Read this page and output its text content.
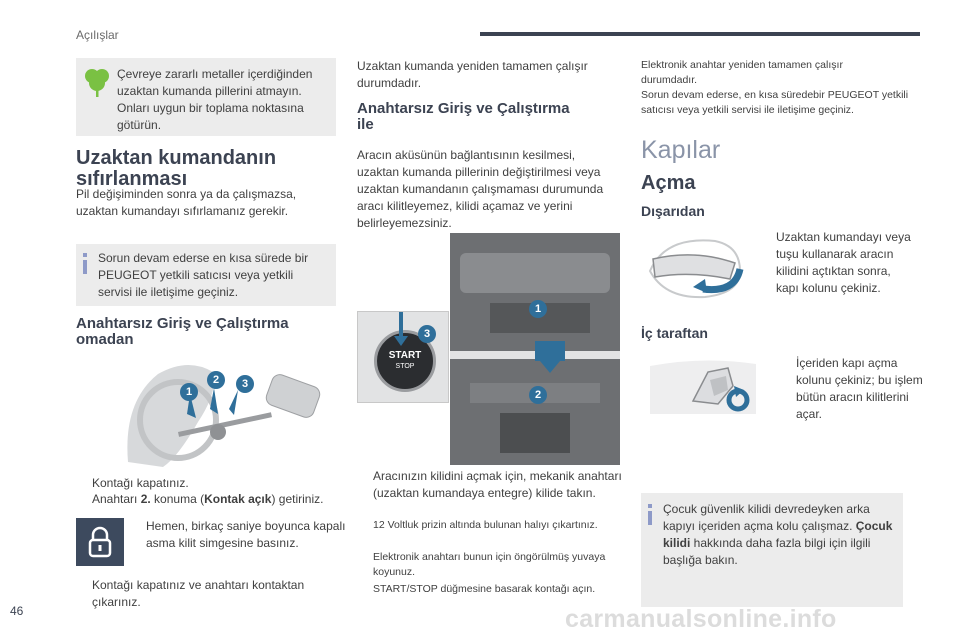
Açılışlar
Çevreye zararlı metaller içerdiğinden uzaktan kumanda pillerini atmayın. Onları uygun bir toplama noktasına götürün.
Uzaktan kumandanın sıfırlanması
Pil değişiminden sonra ya da çalışmazsa, uzaktan kumandayı sıfırlamanız gerekir.
Sorun devam ederse en kısa sürede bir PEUGEOT yetkili satıcısı veya yetkili servisi ile iletişime geçiniz.
Anahtarsız Giriş ve Çalıştırma omadan
1
2	3
Kontağı kapatınız.
Anahtarı 2. konuma (Kontak açık) getiriniz.
Hemen, birkaç saniye boyunca kapalı asma kilit simgesine basınız.
Kontağı kapatınız ve anahtarı kontaktan çıkarınız.
Uzaktan kumanda yeniden tamamen çalışır durumdadır.
Anahtarsız Giriş ve Çalıştırma ile
Aracın aküsünün bağlantısının kesilmesi, uzaktan kumanda pillerinin değiştirilmesi veya uzaktan kumandanın çalışmaması durumunda aracı kilitleyemez, kilidi açamaz ve yerini belirleyemezsiniz.
START
STOP
1
2
3
Aracınızın kilidini açmak için, mekanik anahtarı (uzaktan kumandaya entegre) kilide takın.
12 Voltluk prizin altında bulunan halıyı çıkartınız.
Elektronik anahtarı bunun için öngörülmüş yuvaya koyunuz.
START/STOP düğmesine basarak kontağı açın.
Elektronik anahtar yeniden tamamen çalışır durumdadır.
Sorun devam ederse, en kısa süredebir PEUGEOT yetkili satıcısı veya yetkili servisi ile iletişime geçiniz.
Kapılar
Açma
Dışarıdan
Uzaktan kumandayı veya tuşu kullanarak aracın kilidini açtıktan sonra, kapı kolunu çekiniz.
İç taraftan
İçeriden kapı açma kolunu çekiniz; bu işlem bütün aracın kilitlerini açar.
Çocuk güvenlik kilidi devredeyken arka kapıyı içeriden açma kolu çalışmaz. Çocuk kilidi hakkında daha fazla bilgi için ilgili başlığa bakın.
46	carmanualsonline.info
